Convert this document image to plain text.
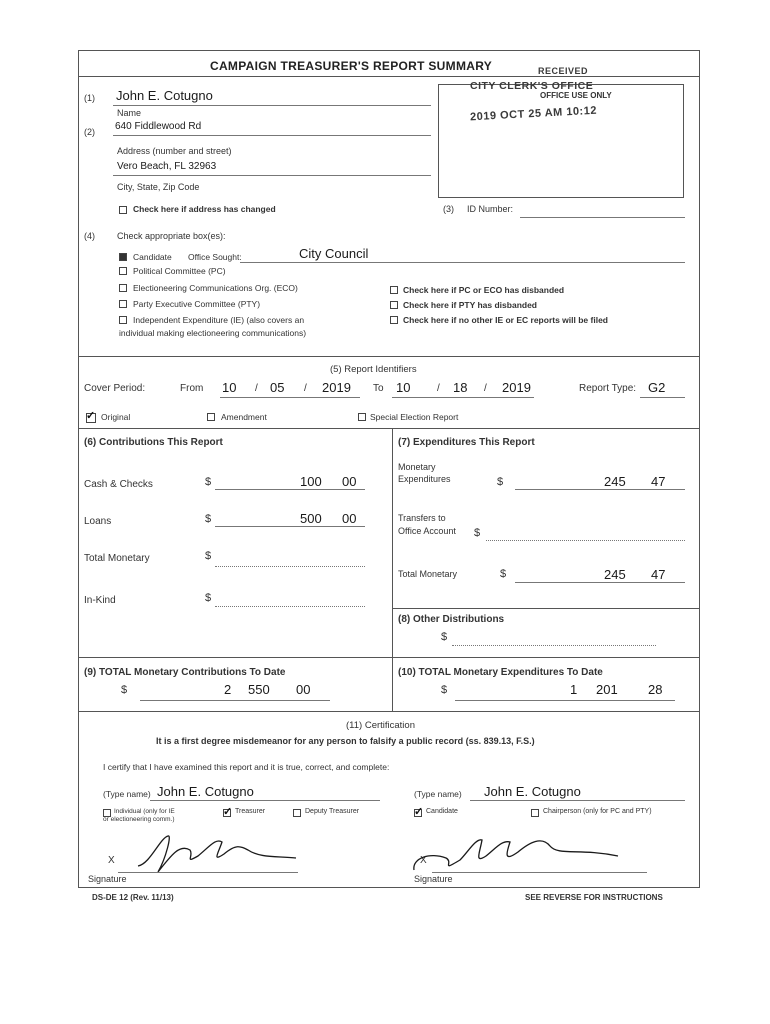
CAMPAIGN TREASURER'S REPORT SUMMARY	RECEIVED
CITY CLERK'S OFFICE
OFFICE USE ONLY
2019 OCT 25 AM 10:12
(1) John E. Cotugno
Name
(2) 640 Fiddlewood Rd
Address (number and street)
Vero Beach, FL 32963
City, State, Zip Code
Check here if address has changed	(3) ID Number:
(4) Check appropriate box(es):
Candidate Office Sought:	City Council
Political Committee (PC)
Electioneering Communications Org. (ECO)
Party Executive Committee (PTY)
Independent Expenditure (IE) (also covers an
individual making electioneering communications)
Check here if PC or ECO has disbanded
Check here if PTY has disbanded
Check here if no other IE or EC reports will be filed
(5) Report Identifiers
Cover Period:	From 10 / 05 / 2019 To 10	/ 18 / 2019	Report Type: G2
✓
Original	Amendment	Special Election Report
(6) Contributions This Report
Cash & Checks	$	100 00
Loans	$	500 00
Total Monetary	$
In-Kind	$
(7) Expenditures This Report
Monetary
Expenditures	$	245 47
Transfers to
Office Account $
Total Monetary	$	245 47
(8) Other Distributions
$
(9) TOTAL Monetary Contributions To Date
$	2 550 00
(10) TOTAL Monetary Expenditures To Date
$	1 201 28
(11) Certification
It is a first degree misdemeanor for any person to falsify a public record (ss. 839.13, F.S.)
I certify that I have examined this report and it is true, correct, and complete:
(Type name) John E. Cotugno
Individual (only for IE
or electioneering comm.)
✓
Treasurer	Deputy Treasurer
(Type name) John E. Cotugno
✓
Candidate	Chairperson (only for PC and PTY)
X
Signature
X
Signature
DS-DE 12 (Rev. 11/13)	SEE REVERSE FOR INSTRUCTIONS
